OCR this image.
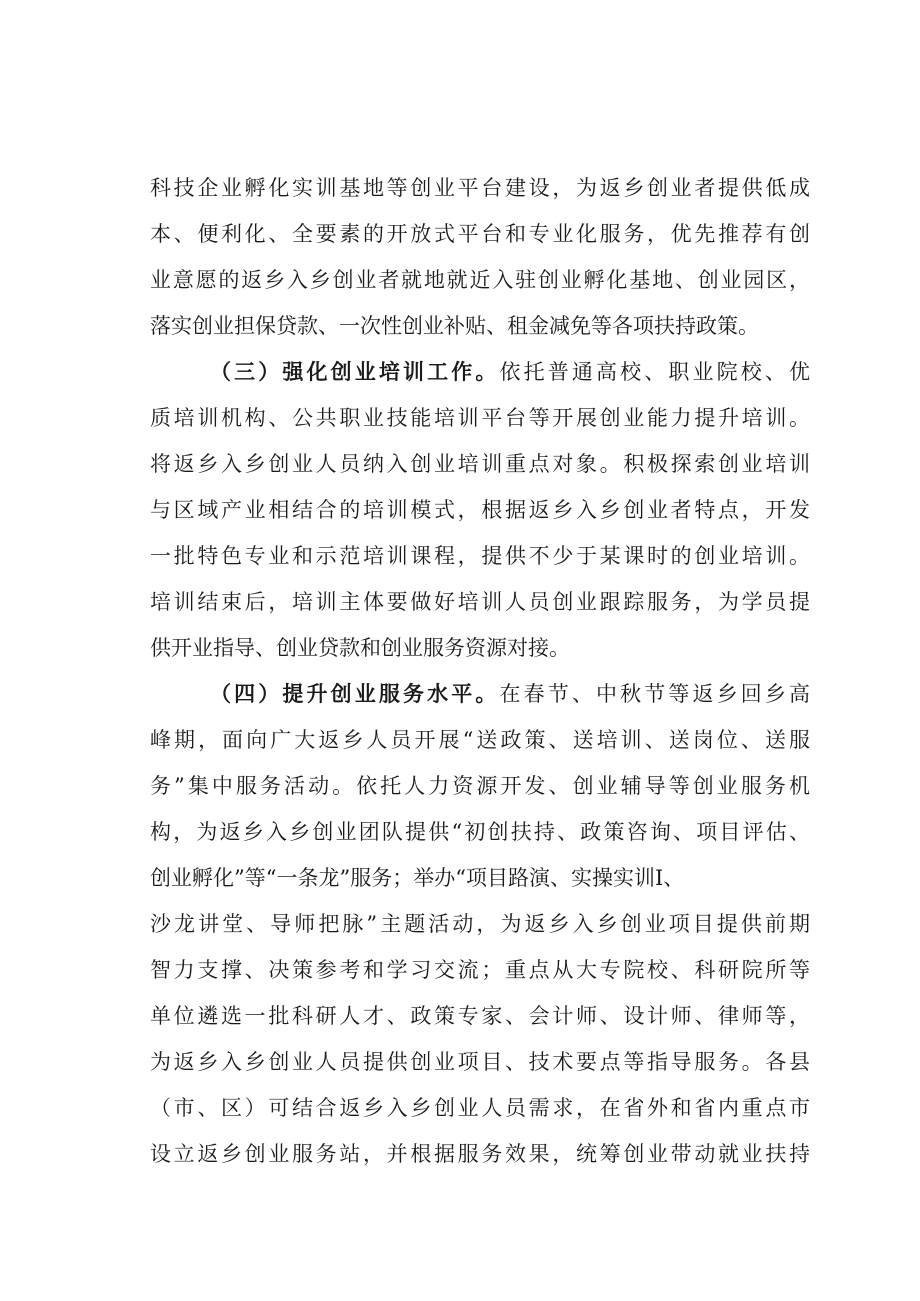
科技企业孵化实训基地等创业平台建设，为返乡创业者提供低成
本、便利化、全要素的开放式平台和专业化服务，优先推荐有创
业意愿的返乡入乡创业者就地就近入驻创业孵化基地、创业园区，
落实创业担保贷款、一次性创业补贴、租金减免等各项扶持政策。
（三）强化创业培训工作。依托普通高校、职业院校、优
质培训机构、公共职业技能培训平台等开展创业能力提升培训。
将返乡入乡创业人员纳入创业培训重点对象。积极探索创业培训
与区域产业相结合的培训模式，根据返乡入乡创业者特点，开发
一批特色专业和示范培训课程，提供不少于某课时的创业培训。
培训结束后，培训主体要做好培训人员创业跟踪服务，为学员提
供开业指导、创业贷款和创业服务资源对接。
（四）提升创业服务水平。在春节、中秋节等返乡回乡高
峰期，面向广大返乡人员开展“送政策、送培训、送岗位、送服
务”集中服务活动。依托人力资源开发、创业辅导等创业服务机
构，为返乡入乡创业团队提供“初创扶持、政策咨询、项目评估、
创业孵化”等“一条龙”服务；举办“项目路演、实操实训Ⅰ、
沙龙讲堂、导师把脉”主题活动，为返乡入乡创业项目提供前期
智力支撑、决策参考和学习交流；重点从大专院校、科研院所等
单位遴选一批科研人才、政策专家、会计师、设计师、律师等，
为返乡入乡创业人员提供创业项目、技术要点等指导服务。各县
（市、区）可结合返乡入乡创业人员需求，在省外和省内重点市
设立返乡创业服务站，并根据服务效果，统筹创业带动就业扶持
